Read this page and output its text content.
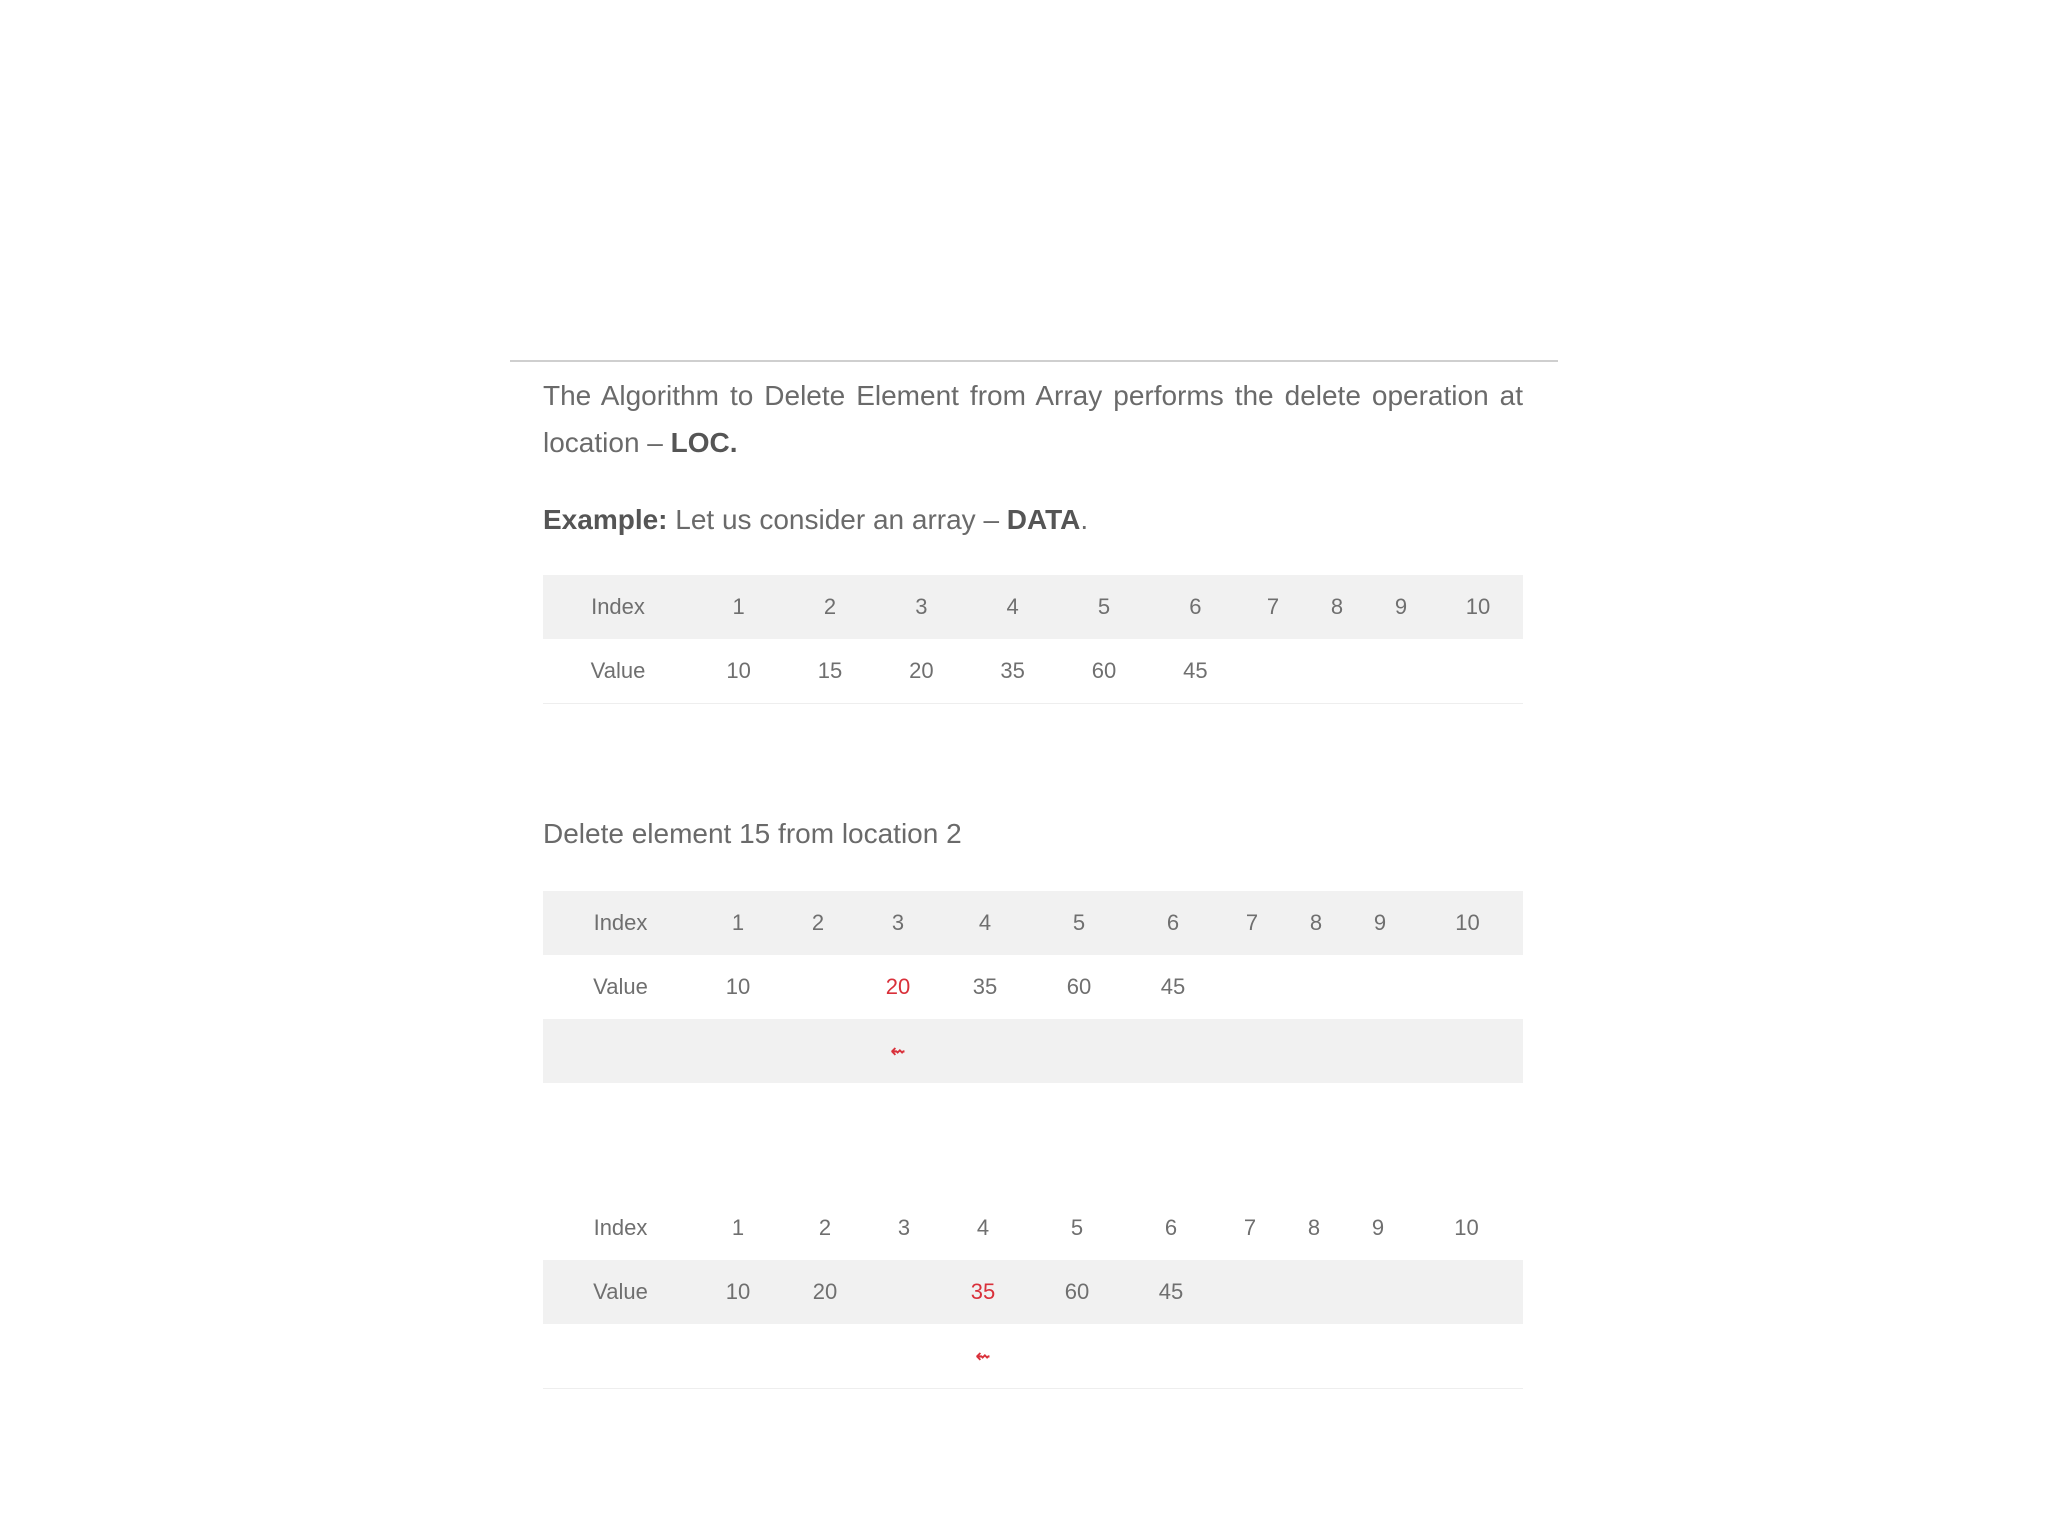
The Algorithm to Delete Element from Array performs the delete operation at location – LOC.

Example: Let us consider an array – DATA.

Index	1	2	3	4	5	6	7	8	9	10
Value	10	15	20	35	60	45				

Delete element 15 from location 2

Index	1	2	3	4	5	6	7	8	9	10
Value	10		20	35	60	45				
			⇜							
Index	1	2	3	4	5	6	7	8	9	10
Value	10	20		35	60	45				
				⇜						
